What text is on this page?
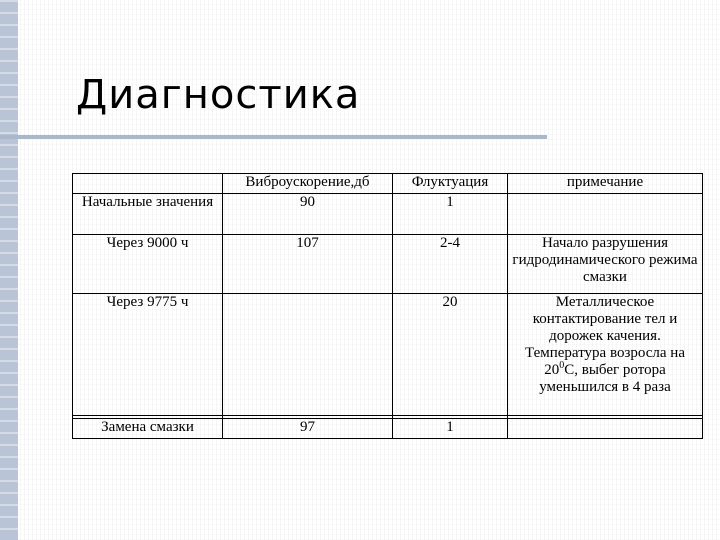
Диагностика
	Виброускорение,дб	Флуктуация	примечание
Начальные значения	90	1	
Через 9000 ч	107	2-4	Начало разрушения гидродинамического режима смазки
Через 9775 ч		20	Металлическое контактирование тел и дорожек качения. Температура возросла на $20^0С$, выбег ротора уменьшился в 4 раза

Замена смазки	97	1	
